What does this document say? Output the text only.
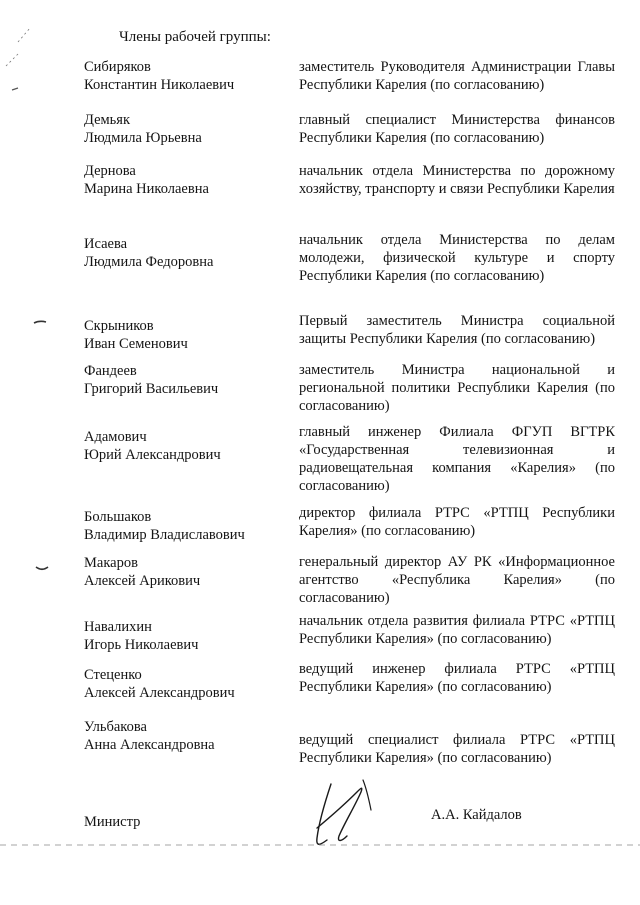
Члены рабочей группы:
Сибиряков
Константин Николаевич
заместитель Руководителя Администрации Главы Республики Карелия (по согласованию)
Демьяк
Людмила Юрьевна
главный специалист Министерства финансов Республики Карелия (по согласованию)
Дернова
Марина Николаевна
начальник отдела Министерства по дорожному хозяйству, транспорту и связи Республики Карелия
Исаева
Людмила Федоровна
начальник отдела Министерства по делам молодежи, физической культуре и спорту Республики Карелия (по согласованию)
Скрыников
Иван Семенович
Первый заместитель Министра социальной защиты Республики Карелия (по согласованию)
Фандеев
Григорий Васильевич
заместитель Министра национальной и региональной политики Республики Карелия (по согласованию)
Адамович
Юрий Александрович
главный инженер Филиала ФГУП ВГТРК «Государственная телевизионная и радиовещательная компания «Карелия» (по согласованию)
Большаков
Владимир Владиславович
директор филиала РТРС «РТПЦ Республики Карелия» (по согласованию)
Макаров
Алексей Арикович
генеральный директор АУ РК «Информационное агентство «Республика Карелия» (по согласованию)
Навалихин
Игорь Николаевич
начальник отдела развития филиала РТРС «РТПЦ Республики Карелия» (по согласованию)
Стеценко
Алексей Александрович
ведущий инженер филиала РТРС «РТПЦ Республики Карелия» (по согласованию)
Ульбакова
Анна Александровна	ведущий специалист филиала РТРС «РТПЦ Республики Карелия» (по согласованию)
Министр	А.А. Кайдалов
